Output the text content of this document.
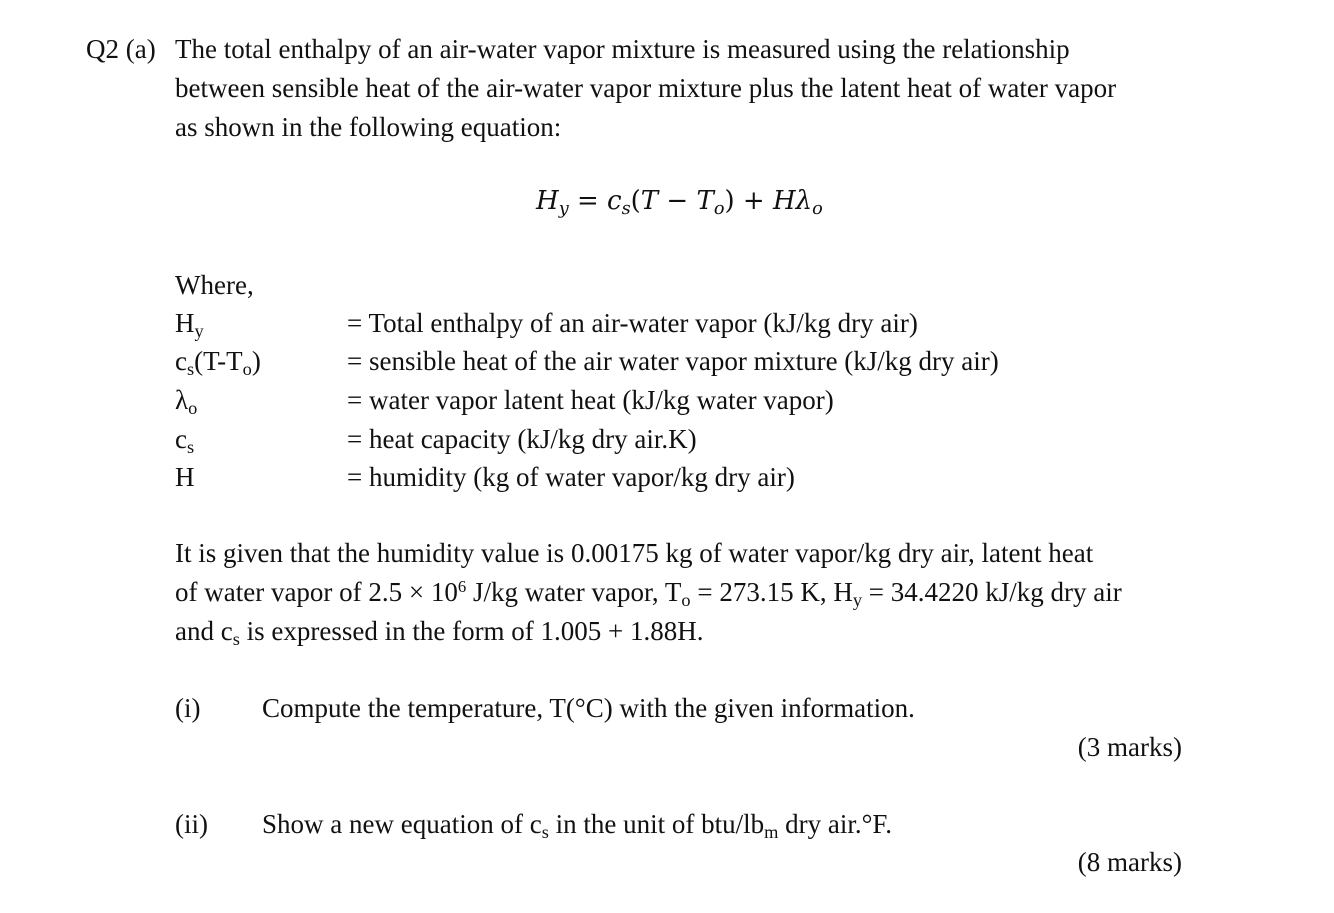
Q2 (a) The total enthalpy of an air-water vapor mixture is measured using the relationship
between sensible heat of the air-water vapor mixture plus the latent heat of water vapor
as shown in the following equation:
$H_y = c_s(T - T_o) + H\lambda_o$
Where,
$H_y$	= Total enthalpy of an air-water vapor (kJ/kg dry air)
$c_s(T-T_o)$	= sensible heat of the air water vapor mixture (kJ/kg dry air)
$\lambda_o$	= water vapor latent heat (kJ/kg water vapor)
$c_s$	= heat capacity (kJ/kg dry air.K)
H	= humidity (kg of water vapor/kg dry air)
It is given that the humidity value is 0.00175 kg of water vapor/kg dry air, latent heat
of water vapor of $2.5 \times 10^6$ J/kg water vapor, $T_o = 273.15$ K, $H_y = 34.4220$ kJ/kg dry air
and $c_s$ is expressed in the form of 1.005 + 1.88H.
(i) Compute the temperature, T(°C) with the given information.
(3 marks)
(ii) Show a new equation of $c_s$ in the unit of btu/$lb_m$ dry air.°F.
(8 marks)
